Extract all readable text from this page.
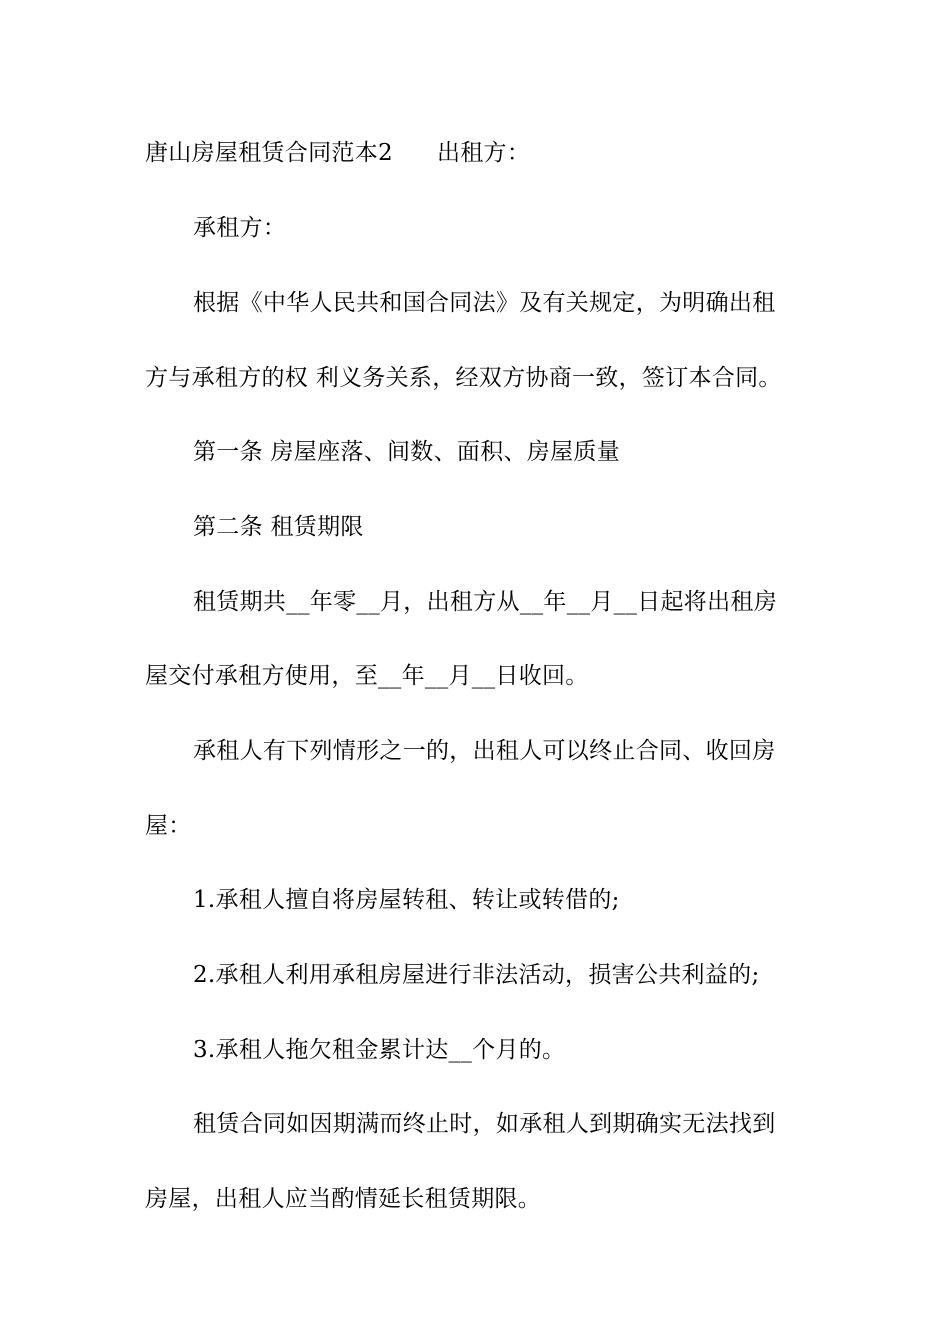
唐山房屋租赁合同范本2 出租方：
承租方：
根据《中华人民共和国合同法》及有关规定，为明确出租
方与承租方的权 利义务关系，经双方协商一致，签订本合同。
第一条 房屋座落、间数、面积、房屋质量
第二条 租赁期限
租赁期共__年零__月，出租方从__年__月__日起将出租房
屋交付承租方使用，至__年__月__日收回。
承租人有下列情形之一的，出租人可以终止合同、收回房
屋：
1.承租人擅自将房屋转租、转让或转借的;
2.承租人利用承租房屋进行非法活动，损害公共利益的;
3.承租人拖欠租金累计达__个月的。
租赁合同如因期满而终止时，如承租人到期确实无法找到
房屋，出租人应当酌情延长租赁期限。
